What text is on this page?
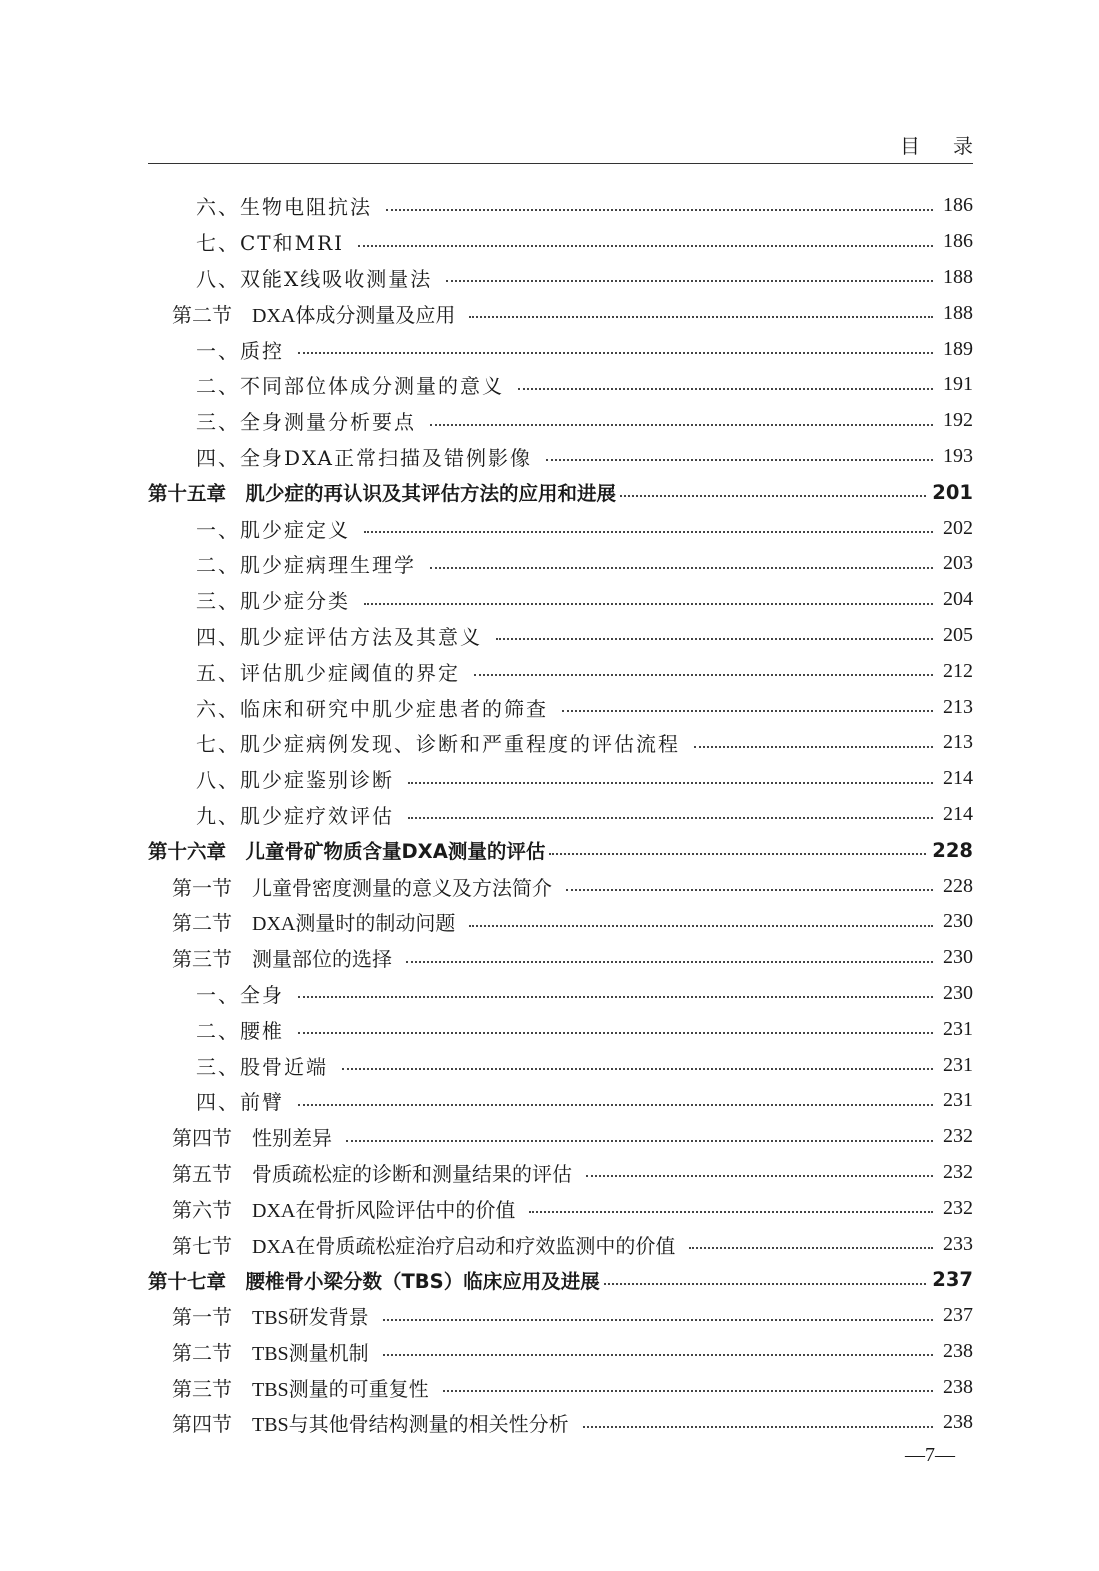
目录
六、生物电阻抗法	186
七、CT和MRI	186
八、双能X线吸收测量法	188
第二节　DXA体成分测量及应用	188
一、质控	189
二、不同部位体成分测量的意义	191
三、全身测量分析要点	192
四、全身DXA正常扫描及错例影像	193
第十五章　肌少症的再认识及其评估方法的应用和进展	201
一、肌少症定义	202
二、肌少症病理生理学	203
三、肌少症分类	204
四、肌少症评估方法及其意义	205
五、评估肌少症阈值的界定	212
六、临床和研究中肌少症患者的筛查	213
七、肌少症病例发现、诊断和严重程度的评估流程	213
八、肌少症鉴别诊断	214
九、肌少症疗效评估	214
第十六章　儿童骨矿物质含量DXA测量的评估	228
第一节　儿童骨密度测量的意义及方法简介	228
第二节　DXA测量时的制动问题	230
第三节　测量部位的选择	230
一、全身	230
二、腰椎	231
三、股骨近端	231
四、前臂	231
第四节　性别差异	232
第五节　骨质疏松症的诊断和测量结果的评估	232
第六节　DXA在骨折风险评估中的价值	232
第七节　DXA在骨质疏松症治疗启动和疗效监测中的价值	233
第十七章　腰椎骨小梁分数（TBS）临床应用及进展	237
第一节　TBS研发背景	237
第二节　TBS测量机制	238
第三节　TBS测量的可重复性	238
第四节　TBS与其他骨结构测量的相关性分析	238
—7—
